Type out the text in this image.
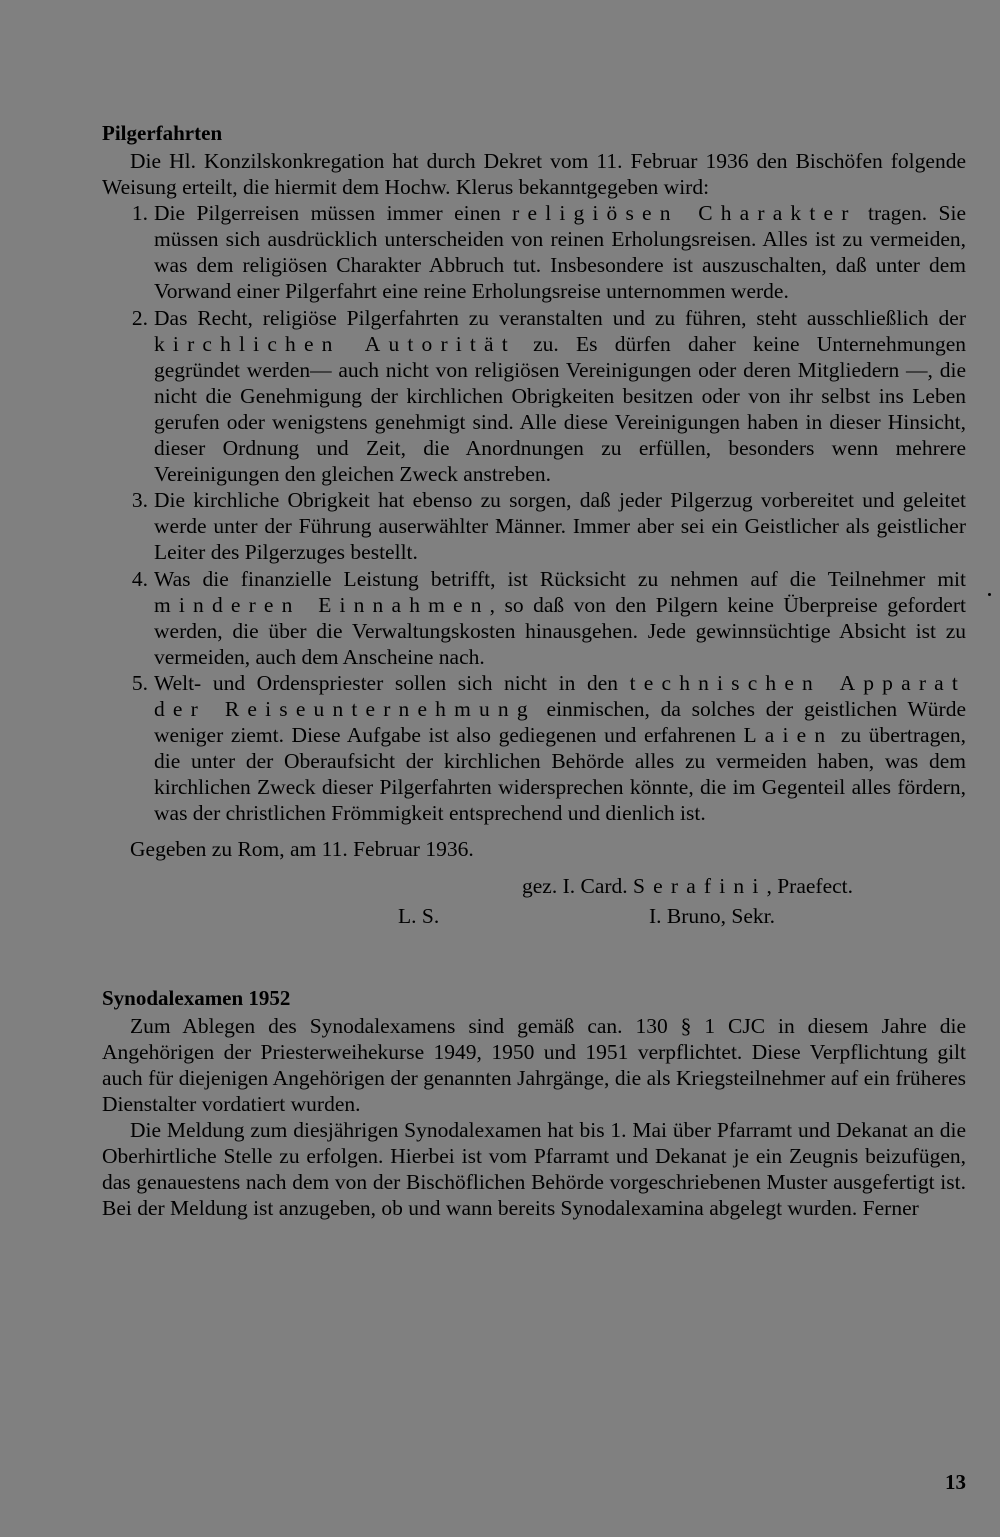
Pilgerfahrten

Die Hl. Konzilskonkregation hat durch Dekret vom 11. Februar 1936 den Bischöfen folgende Weisung erteilt, die hiermit dem Hochw. Klerus bekanntgegeben wird:

1. Die Pilgerreisen müssen immer einen religiösen Charakter tragen. Sie müssen sich ausdrücklich unterscheiden von reinen Erholungsreisen. Alles ist zu vermeiden, was dem religiösen Charakter Abbruch tut. Insbesondere ist auszuschalten, daß unter dem Vorwand einer Pilgerfahrt eine reine Erholungsreise unternommen werde.
2. Das Recht, religiöse Pilgerfahrten zu veranstalten und zu führen, steht ausschließlich der kirchlichen Autorität zu. Es dürfen daher keine Unternehmungen gegründet werden— auch nicht von religiösen Vereinigungen oder deren Mitgliedern —, die nicht die Genehmigung der kirchlichen Obrigkeiten besitzen oder von ihr selbst ins Leben gerufen oder wenigstens genehmigt sind. Alle diese Vereinigungen haben in dieser Hinsicht, dieser Ordnung und Zeit, die Anordnungen zu erfüllen, besonders wenn mehrere Vereinigungen den gleichen Zweck anstreben.
3. Die kirchliche Obrigkeit hat ebenso zu sorgen, daß jeder Pilgerzug vorbereitet und geleitet werde unter der Führung auserwählter Männer. Immer aber sei ein Geistlicher als geistlicher Leiter des Pilgerzuges bestellt.
4. Was die finanzielle Leistung betrifft, ist Rücksicht zu nehmen auf die Teilnehmer mit minderen Einnahmen, so daß von den Pilgern keine Überpreise gefordert werden, die über die Verwaltungskosten hinausgehen. Jede gewinnsüchtige Absicht ist zu vermeiden, auch dem Anscheine nach.
5. Welt- und Ordenspriester sollen sich nicht in den technischen Apparat der Reiseunternehmung einmischen, da solches der geistlichen Würde weniger ziemt. Diese Aufgabe ist also gediegenen und erfahrenen Laien zu übertragen, die unter der Oberaufsicht der kirchlichen Behörde alles zu vermeiden haben, was dem kirchlichen Zweck dieser Pilgerfahrten widersprechen könnte, die im Gegenteil alles fördern, was der christlichen Frömmigkeit entsprechend und dienlich ist.

Gegeben zu Rom, am 11. Februar 1936.

gez. I. Card. Serafini, Praefect.
L. S.	I. Bruno, Sekr.
Synodalexamen 1952

Zum Ablegen des Synodalexamens sind gemäß can. 130 § 1 CJC in diesem Jahre die Angehörigen der Priesterweihekurse 1949, 1950 und 1951 verpflichtet. Diese Verpflichtung gilt auch für diejenigen Angehörigen der genannten Jahrgänge, die als Kriegsteilnehmer auf ein früheres Dienstalter vordatiert wurden.

Die Meldung zum diesjährigen Synodalexamen hat bis 1. Mai über Pfarramt und Dekanat an die Oberhirtliche Stelle zu erfolgen. Hierbei ist vom Pfarramt und Dekanat je ein Zeugnis beizufügen, das genauestens nach dem von der Bischöflichen Behörde vorgeschriebenen Muster ausgefertigt ist. Bei der Meldung ist anzugeben, ob und wann bereits Synodalexamina abgelegt wurden. Ferner

13
